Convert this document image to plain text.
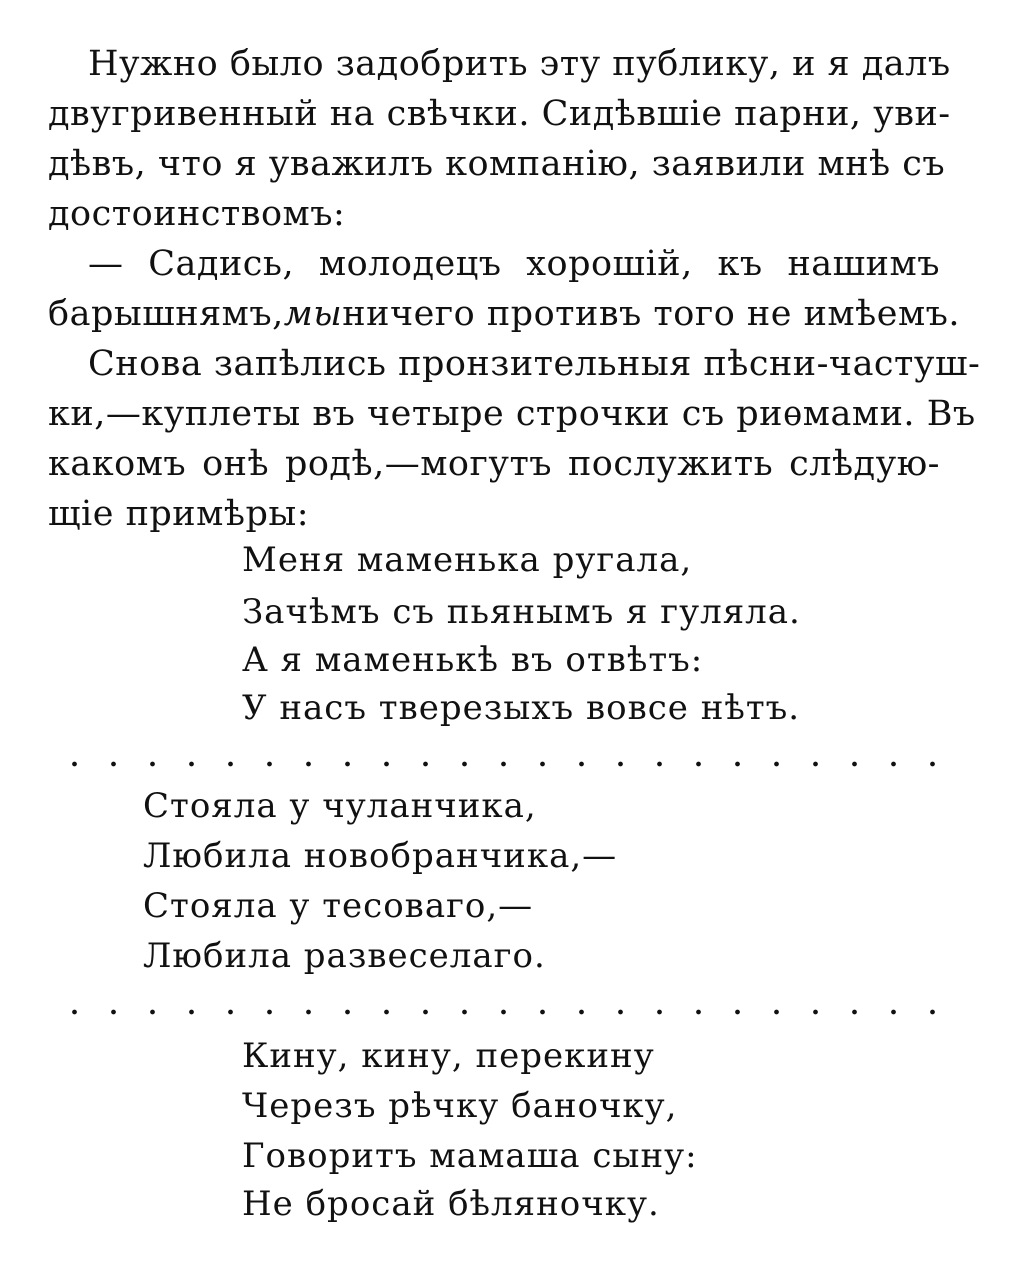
Нужно было задобрить эту публику, и я далъ

двугривенный на свѣчки. Сидѣвшіе парни, уви-

дѣвъ, что я уважилъ компанію, заявили мнѣ съ

достоинствомъ:

— Садись, молодецъ хорошій, къ нашимъ

барышнямъ, мы ничего противъ того не имѣемъ.

Снова запѣлись пронзительныя пѣсни-частуш-

ки,—куплеты въ четыре строчки съ риѳмами. Въ

какомъ онѣ родѣ,—могутъ послужить слѣдую-

щіе примѣры:

Меня маменька ругала,

Зачѣмъ съ пьянымъ я гуляла.

А я маменькѣ въ отвѣтъ:

У насъ тверезыхъ вовсе нѣтъ.

Стояла у чуланчика,

Любила новобранчика,—

Стояла у тесоваго,—

Любила развеселаго.

Кину, кину, перекину

Черезъ рѣчку баночку,

Говоритъ мамаша сыну:

Не бросай бѣляночку.
